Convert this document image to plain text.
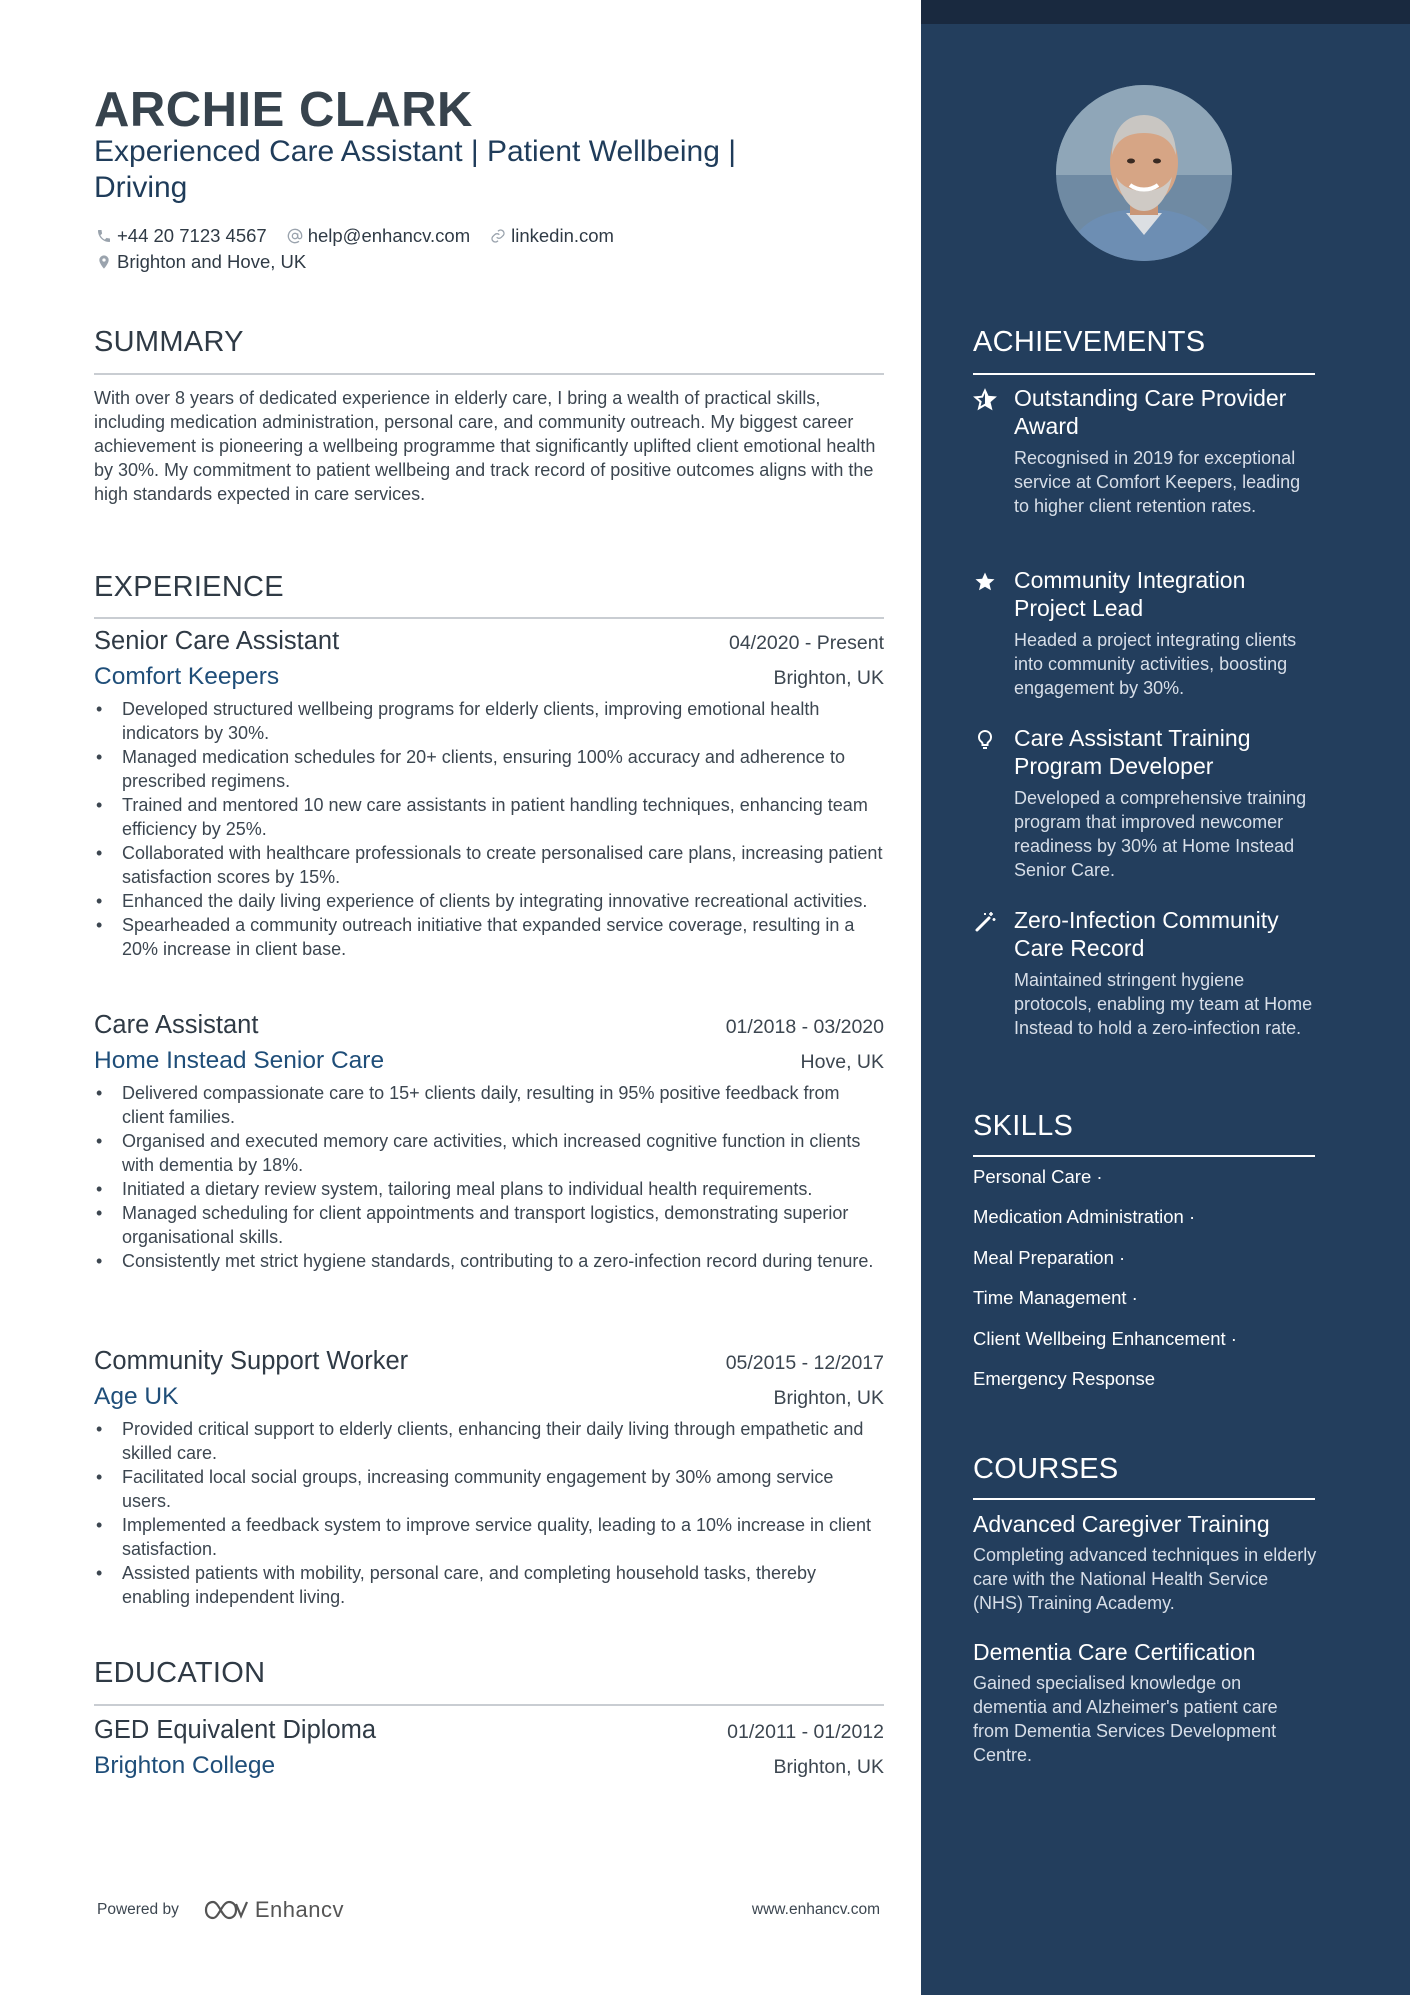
ARCHIE CLARK
Experienced Care Assistant | Patient Wellbeing | Driving
+44 20 7123 4567 help@enhancv.com linkedin.com
Brighton and Hove, UK
SUMMARY
With over 8 years of dedicated experience in elderly care, I bring a wealth of practical skills, including medication administration, personal care, and community outreach. My biggest career achievement is pioneering a wellbeing programme that significantly uplifted client emotional health by 30%. My commitment to patient wellbeing and track record of positive outcomes aligns with the high standards expected in care services.
EXPERIENCE
Senior Care Assistant	04/2020 - Present
Comfort Keepers	Brighton, UK
• Developed structured wellbeing programs for elderly clients, improving emotional health indicators by 30%.
• Managed medication schedules for 20+ clients, ensuring 100% accuracy and adherence to prescribed regimens.
• Trained and mentored 10 new care assistants in patient handling techniques, enhancing team efficiency by 25%.
• Collaborated with healthcare professionals to create personalised care plans, increasing patient satisfaction scores by 15%.
• Enhanced the daily living experience of clients by integrating innovative recreational activities.
• Spearheaded a community outreach initiative that expanded service coverage, resulting in a 20% increase in client base.
Care Assistant	01/2018 - 03/2020
Home Instead Senior Care	Hove, UK
• Delivered compassionate care to 15+ clients daily, resulting in 95% positive feedback from client families.
• Organised and executed memory care activities, which increased cognitive function in clients with dementia by 18%.
• Initiated a dietary review system, tailoring meal plans to individual health requirements.
• Managed scheduling for client appointments and transport logistics, demonstrating superior organisational skills.
• Consistently met strict hygiene standards, contributing to a zero-infection record during tenure.
Community Support Worker	05/2015 - 12/2017
Age UK	Brighton, UK
• Provided critical support to elderly clients, enhancing their daily living through empathetic and skilled care.
• Facilitated local social groups, increasing community engagement by 30% among service users.
• Implemented a feedback system to improve service quality, leading to a 10% increase in client satisfaction.
• Assisted patients with mobility, personal care, and completing household tasks, thereby enabling independent living.
EDUCATION
GED Equivalent Diploma	01/2011 - 01/2012
Brighton College	Brighton, UK
Powered by	Enhancv	www.enhancv.com
ACHIEVEMENTS
Outstanding Care Provider Award
Recognised in 2019 for exceptional service at Comfort Keepers, leading to higher client retention rates.
Community Integration Project Lead
Headed a project integrating clients into community activities, boosting engagement by 30%.
Care Assistant Training Program Developer
Developed a comprehensive training program that improved newcomer readiness by 30% at Home Instead Senior Care.
Zero-Infection Community Care Record
Maintained stringent hygiene protocols, enabling my team at Home Instead to hold a zero-infection rate.
SKILLS
Personal Care ·
Medication Administration ·
Meal Preparation ·
Time Management ·
Client Wellbeing Enhancement ·
Emergency Response
COURSES
Advanced Caregiver Training
Completing advanced techniques in elderly care with the National Health Service (NHS) Training Academy.
Dementia Care Certification
Gained specialised knowledge on dementia and Alzheimer's patient care from Dementia Services Development Centre.
